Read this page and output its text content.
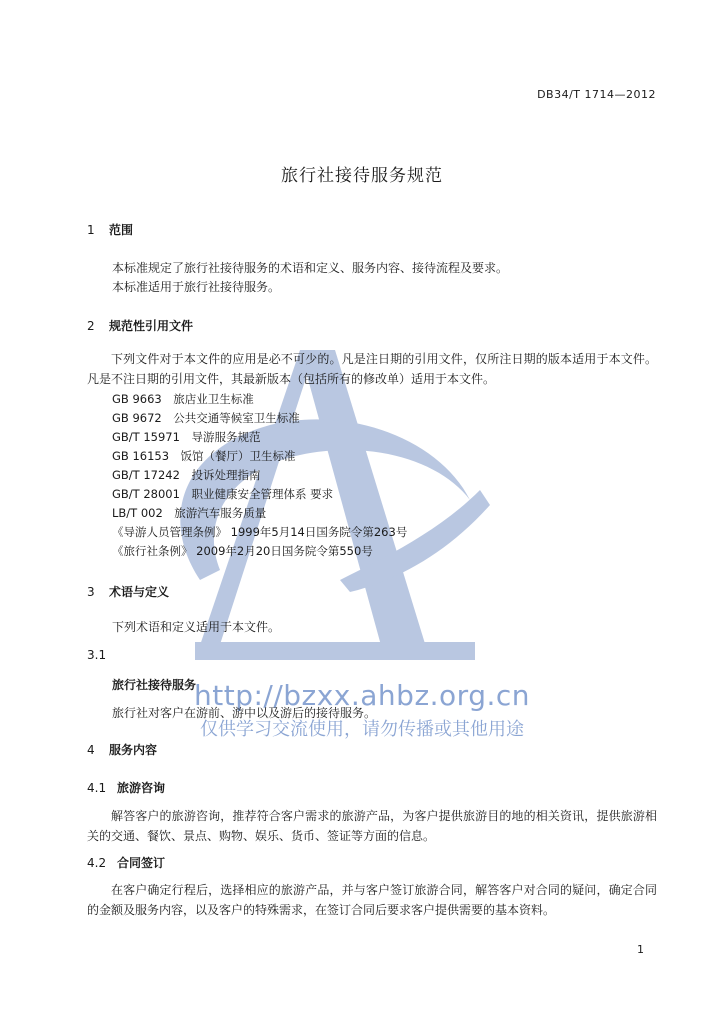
DB34/T 1714—2012
旅行社接待服务规范
1 范围
本标准规定了旅行社接待服务的术语和定义、服务内容、接待流程及要求。
本标准适用于旅行社接待服务。
2 规范性引用文件
下列文件对于本文件的应用是必不可少的。凡是注日期的引用文件，仅所注日期的版本适用于本文件。凡是不注日期的引用文件，其最新版本（包括所有的修改单）适用于本文件。
GB 9663　旅店业卫生标准
GB 9672　公共交通等候室卫生标准
GB/T 15971　导游服务规范
GB 16153　饭馆（餐厅）卫生标准
GB/T 17242　投诉处理指南
GB/T 28001　职业健康安全管理体系 要求
LB/T 002　旅游汽车服务质量
《导游人员管理条例》 1999年5月14日国务院令第263号
《旅行社条例》 2009年2月20日国务院令第550号
3 术语与定义
下列术语和定义适用于本文件。
3.1
旅行社接待服务
旅行社对客户在游前、游中以及游后的接待服务。
http://bzxx.ahbz.org.cn
仅供学习交流使用，请勿传播或其他用途
4 服务内容
4.1 旅游咨询
解答客户的旅游咨询，推荐符合客户需求的旅游产品，为客户提供旅游目的地的相关资讯，提供旅游相关的交通、餐饮、景点、购物、娱乐、货币、签证等方面的信息。
4.2 合同签订
在客户确定行程后，选择相应的旅游产品，并与客户签订旅游合同，解答客户对合同的疑问，确定合同的金额及服务内容，以及客户的特殊需求，在签订合同后要求客户提供需要的基本资料。
1
